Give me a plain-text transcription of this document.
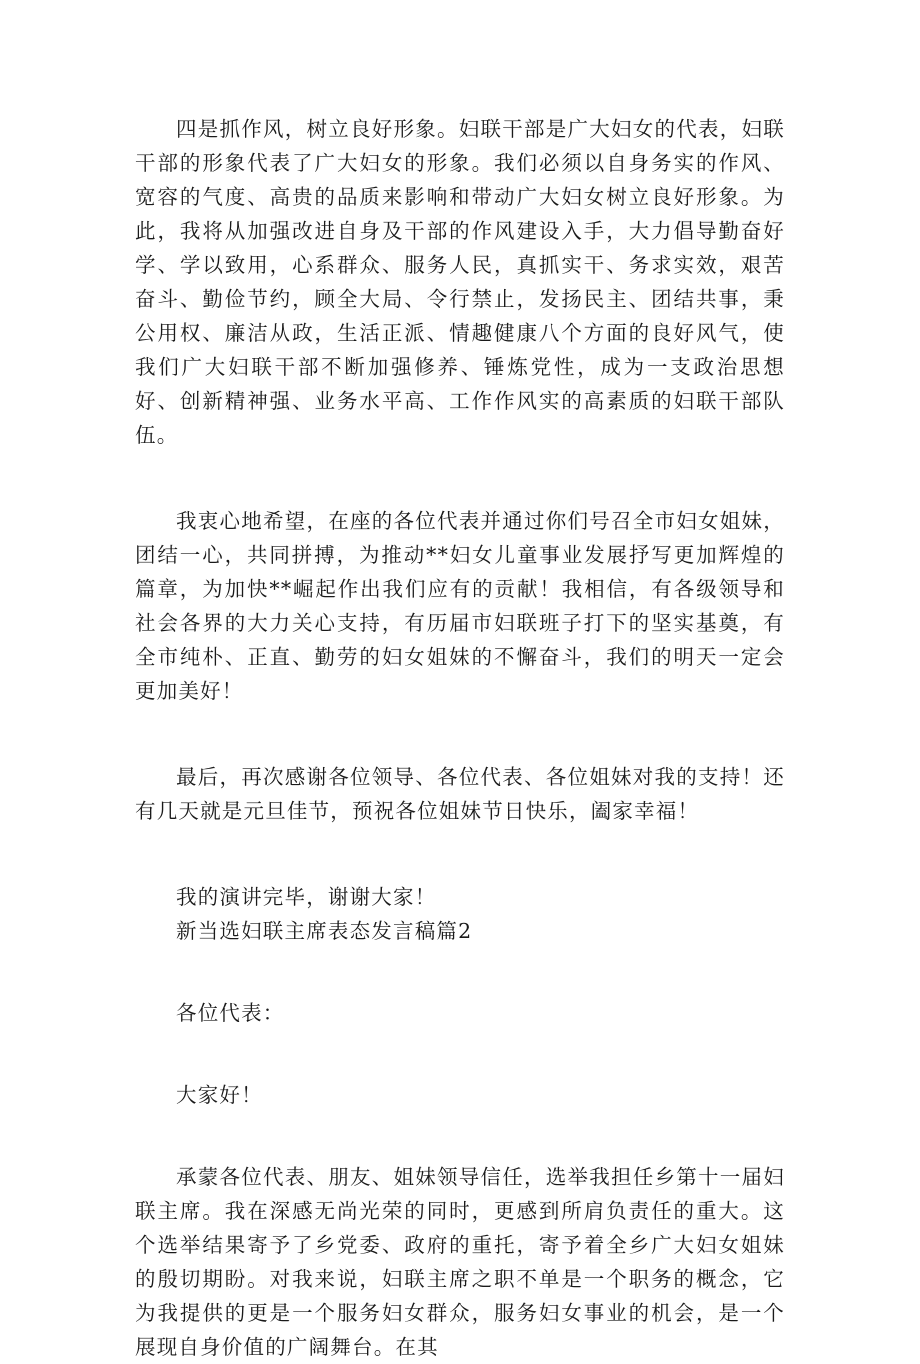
四是抓作风，树立良好形象。妇联干部是广大妇女的代表，妇联干部的形象代表了广大妇女的形象。我们必须以自身务实的作风、宽容的气度、高贵的品质来影响和带动广大妇女树立良好形象。为此，我将从加强改进自身及干部的作风建设入手，大力倡导勤奋好学、学以致用，心系群众、服务人民，真抓实干、务求实效，艰苦奋斗、勤俭节约，顾全大局、令行禁止，发扬民主、团结共事，秉公用权、廉洁从政，生活正派、情趣健康八个方面的良好风气，使我们广大妇联干部不断加强修养、锤炼党性，成为一支政治思想好、创新精神强、业务水平高、工作作风实的高素质的妇联干部队伍。

我衷心地希望，在座的各位代表并通过你们号召全市妇女姐妹，团结一心，共同拼搏，为推动**妇女儿童事业发展抒写更加辉煌的篇章，为加快**崛起作出我们应有的贡献！我相信，有各级领导和社会各界的大力关心支持，有历届市妇联班子打下的坚实基奠，有全市纯朴、正直、勤劳的妇女姐妹的不懈奋斗，我们的明天一定会更加美好！

最后，再次感谢各位领导、各位代表、各位姐妹对我的支持！还有几天就是元旦佳节，预祝各位姐妹节日快乐，阖家幸福！

我的演讲完毕，谢谢大家！

新当选妇联主席表态发言稿篇2

各位代表：

大家好！

承蒙各位代表、朋友、姐妹领导信任，选举我担任乡第十一届妇联主席。我在深感无尚光荣的同时，更感到所肩负责任的重大。这个选举结果寄予了乡党委、政府的重托，寄予着全乡广大妇女姐妹的殷切期盼。对我来说，妇联主席之职不单是一个职务的概念，它为我提供的更是一个服务妇女群众，服务妇女事业的机会，是一个展现自身价值的广阔舞台。在其
